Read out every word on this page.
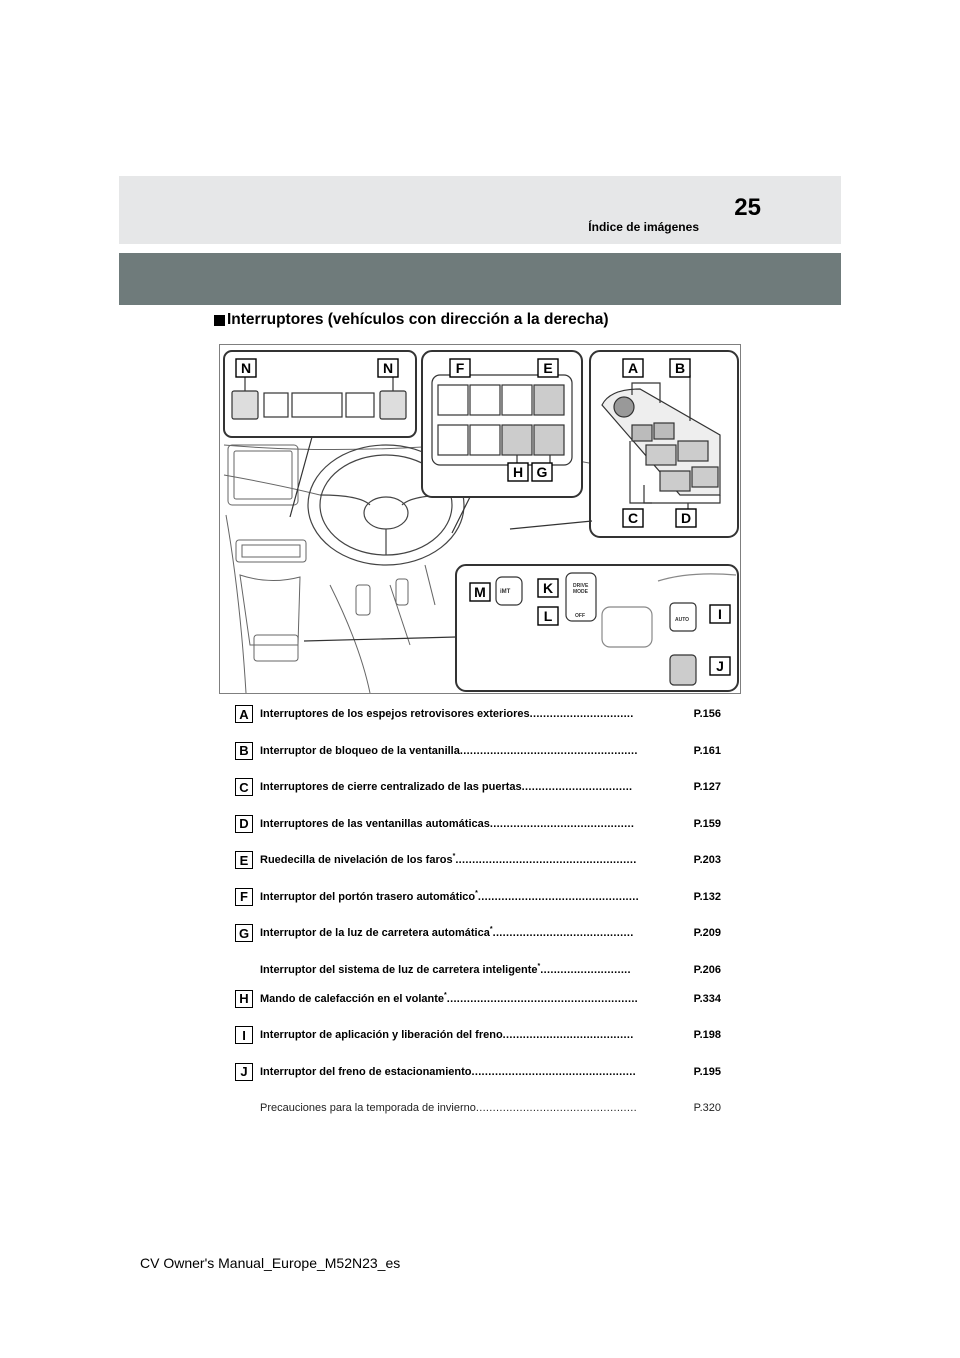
25
Índice de imágenes
Interruptores (vehículos con dirección a la derecha)
DRIVE
MODE
OFF
iMT
AUTO
N	N	F	E
H G
A	B
C	D
M	K
L	I
J
A	Interruptores de los espejos retrovisores exteriores ...............................	P.156
B	Interruptor de bloqueo de la ventanilla .....................................................	P.161
C	Interruptores de cierre centralizado de las puertas .................................	P.127
D	Interruptores de las ventanillas automáticas ...........................................	P.159
E	Ruedecilla de nivelación de los faros* ......................................................	P.203
F	Interruptor del portón trasero automático* ................................................	P.132
G Interruptor de la luz de carretera automática* ..........................................	P.209
Interruptor del sistema de luz de carretera inteligente* ...........................	P.206
H	Mando de calefacción en el volante* .........................................................	P.334
I	Interruptor de aplicación y liberación del freno .......................................	P.198
J	Interruptor del freno de estacionamiento .................................................	P.195
Precauciones para la temporada de invierno ................................................	P.320
CV Owner's Manual_Europe_M52N23_es
